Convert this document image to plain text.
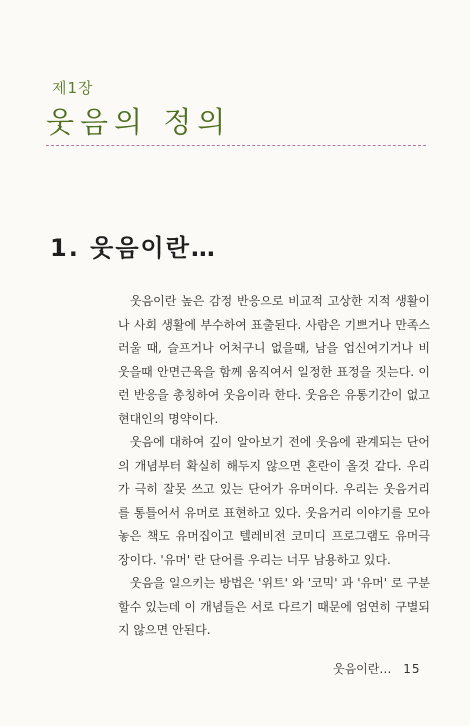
제1장
웃음의 정의
1. 웃음이란…

웃음이란 높은 감정 반응으로 비교적 고상한 지적 생활이나 사회 생활에 부수하여 표출된다. 사람은 기쁘거나 만족스러울 때, 슬프거나 어처구니 없을때, 남을 업신여기거나 비웃을때 안면근육을 함께 움직여서 일정한 표정을 짓는다. 이런 반응을 총칭하여 웃음이라 한다. 웃음은 유통기간이 없고 현대인의 명약이다.

웃음에 대하여 깊이 알아보기 전에 웃음에 관계되는 단어의 개념부터 확실히 해두지 않으면 혼란이 올것 같다. 우리가 극히 잘못 쓰고 있는 단어가 유머이다. 우리는 웃음거리를 통틀어서 유머로 표현하고 있다. 웃음거리 이야기를 모아놓은 책도 유머집이고 텔레비전 코미디 프로그램도 유머극장이다. '유머' 란 단어를 우리는 너무 남용하고 있다.

웃음을 일으키는 방법은 '위트' 와 '코믹' 과 '유머' 로 구분할수 있는데 이 개념들은 서로 다르기 때문에 엄연히 구별되지 않으면 안된다.

웃음이란… 15
